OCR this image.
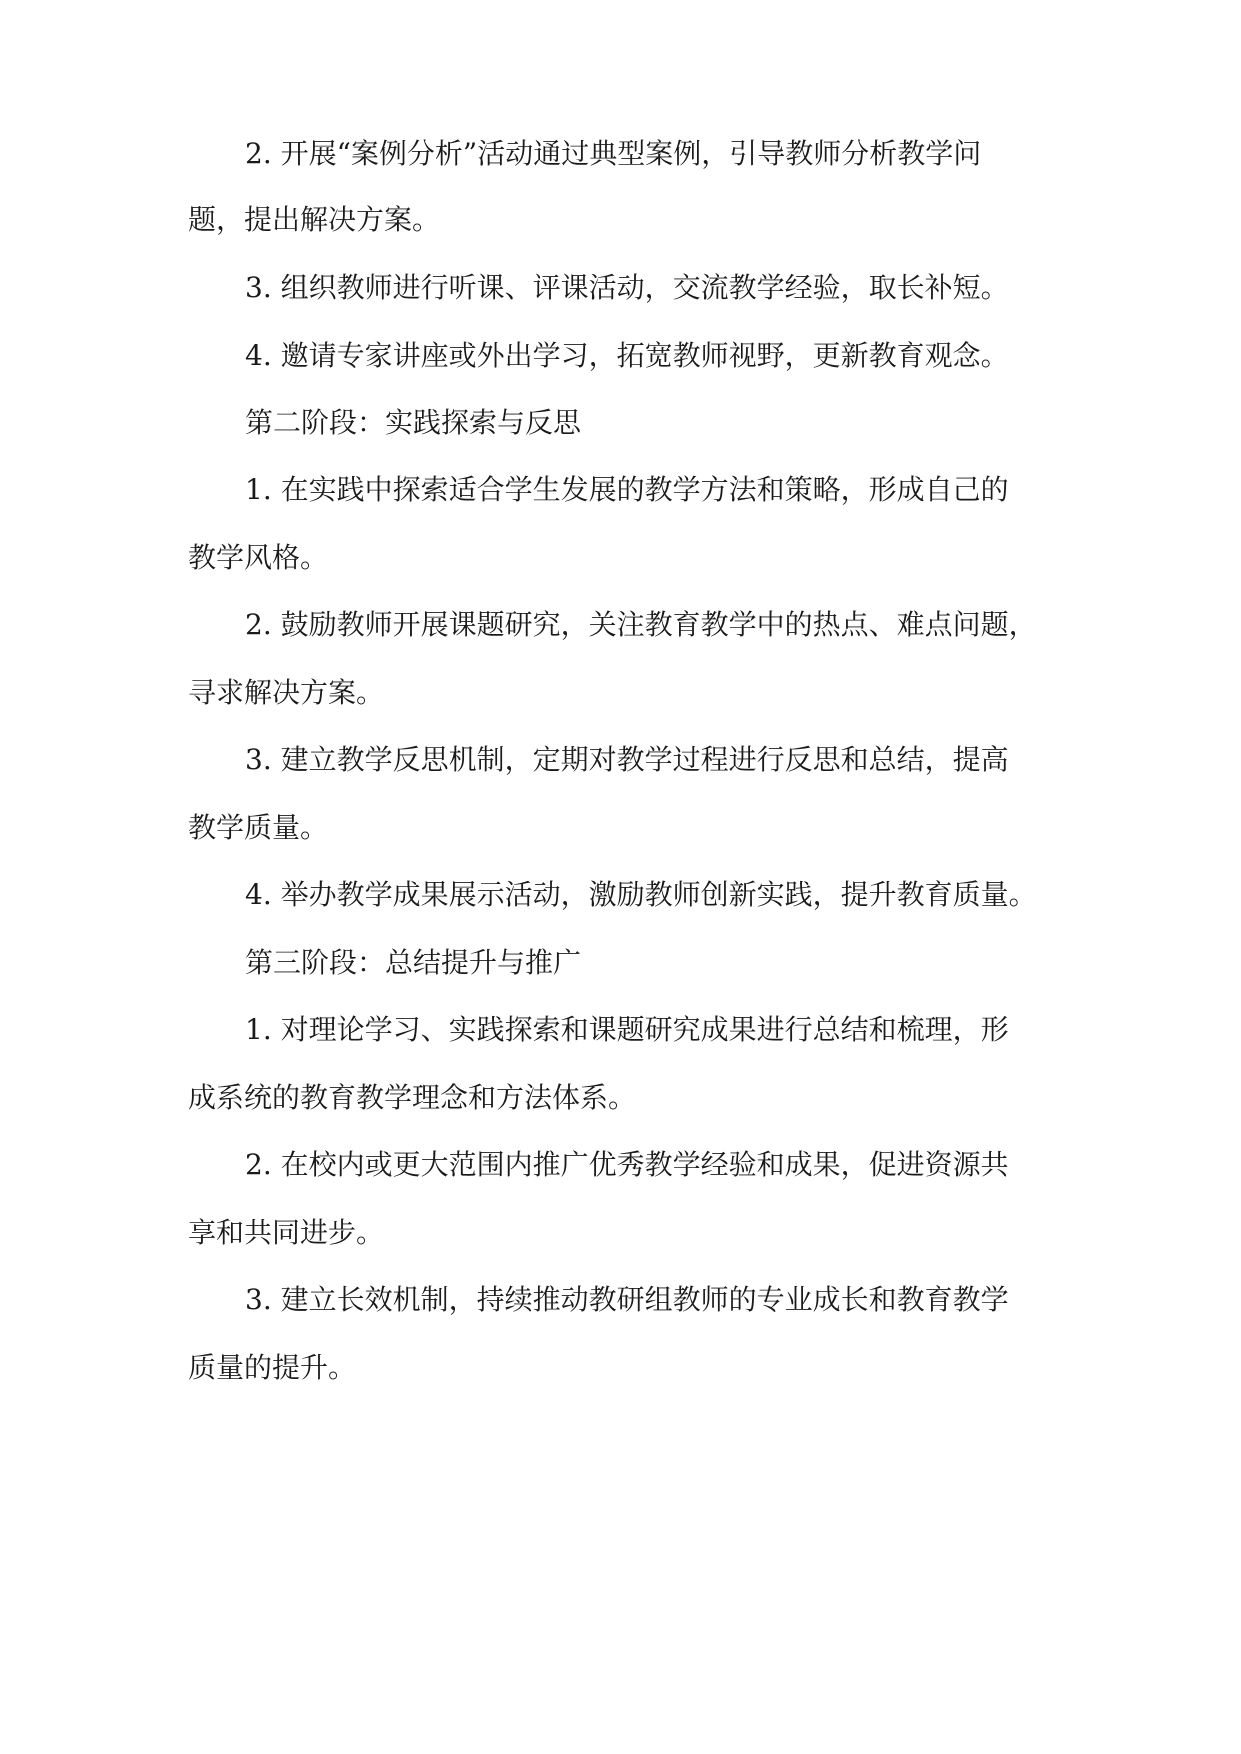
2. 开展“案例分析”活动通过典型案例，引导教师分析教学问
题，提出解决方案。
3. 组织教师进行听课、评课活动，交流教学经验，取长补短。
4. 邀请专家讲座或外出学习，拓宽教师视野，更新教育观念。
第二阶段：实践探索与反思
1. 在实践中探索适合学生发展的教学方法和策略，形成自己的
教学风格。
2. 鼓励教师开展课题研究，关注教育教学中的热点、难点问题，
寻求解决方案。
3. 建立教学反思机制，定期对教学过程进行反思和总结，提高
教学质量。
4. 举办教学成果展示活动，激励教师创新实践，提升教育质量。
第三阶段：总结提升与推广
1. 对理论学习、实践探索和课题研究成果进行总结和梳理，形
成系统的教育教学理念和方法体系。
2. 在校内或更大范围内推广优秀教学经验和成果，促进资源共
享和共同进步。
3. 建立长效机制，持续推动教研组教师的专业成长和教育教学
质量的提升。
